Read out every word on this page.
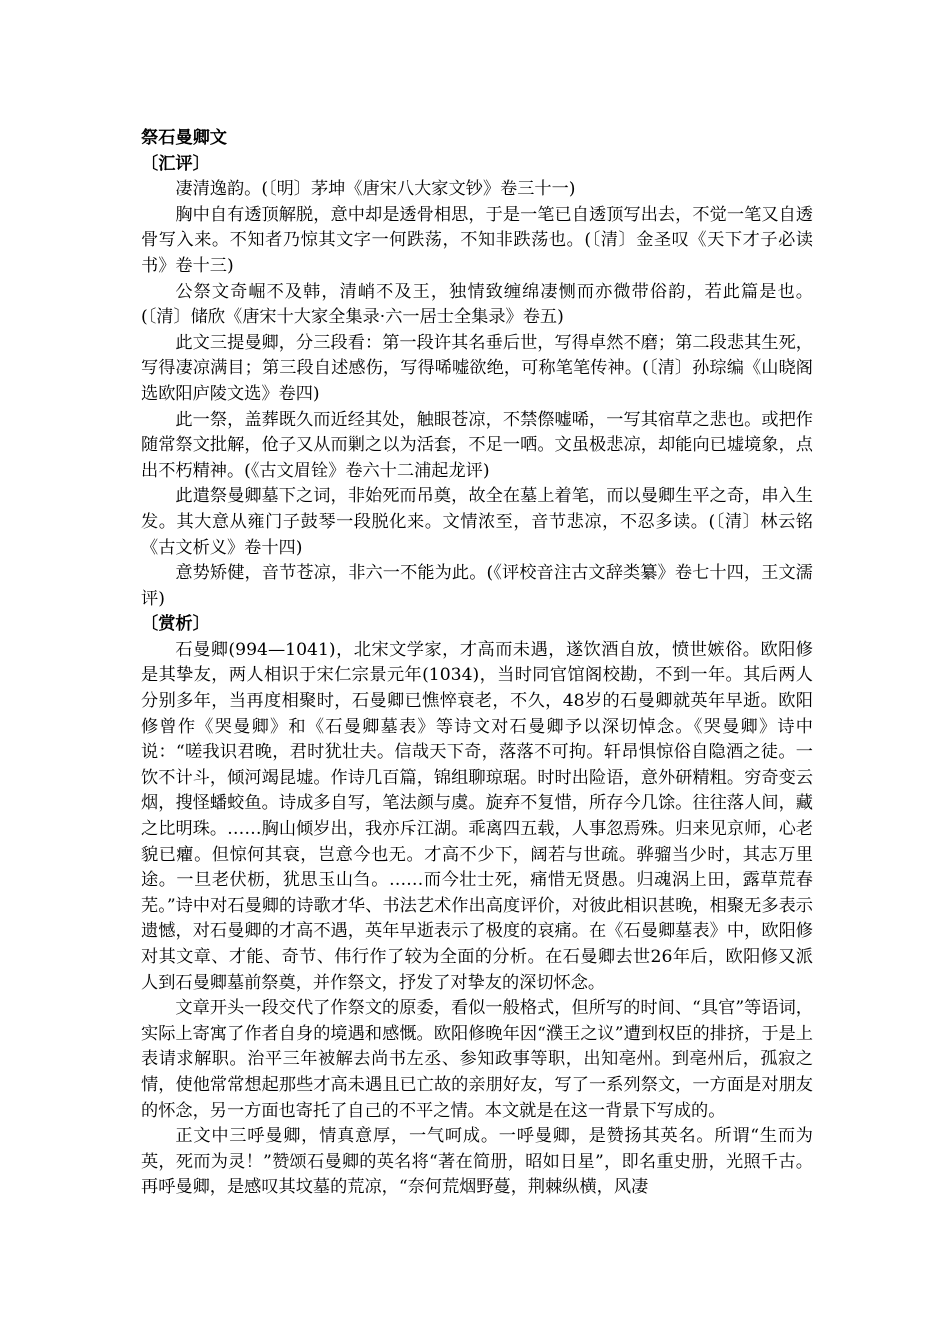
祭石曼卿文

〔汇评〕

凄清逸韵。(〔明〕茅坤《唐宋八大家文钞》卷三十一)

胸中自有透顶解脱，意中却是透骨相思，于是一笔已自透顶写出去，不觉一笔又自透骨写入来。不知者乃惊其文字一何跌荡，不知非跌荡也。(〔清〕金圣叹《天下才子必读书》卷十三)

公祭文奇崛不及韩，清峭不及王，独情致缠绵凄恻而亦微带俗韵，若此篇是也。(〔清〕储欣《唐宋十大家全集录·六一居士全集录》卷五)

此文三提曼卿，分三段看：第一段许其名垂后世，写得卓然不磨；第二段悲其生死，写得凄凉满目；第三段自述感伤，写得唏嘘欲绝，可称笔笔传神。(〔清〕孙琮编《山晓阁选欧阳庐陵文选》卷四)

此一祭，盖葬既久而近经其处，触眼苍凉，不禁傺嘘唏，一写其宿草之悲也。或把作随常祭文批解，伧子又从而剿之以为活套，不足一哂。文虽极悲凉，却能向已墟境象，点出不朽精神。(《古文眉铨》卷六十二浦起龙评)

此遣祭曼卿墓下之词，非始死而吊奠，故全在墓上着笔，而以曼卿生平之奇，串入生发。其大意从雍门子鼓琴一段脱化来。文情浓至，音节悲凉，不忍多读。(〔清〕林云铭《古文析义》卷十四)

意势矫健，音节苍凉，非六一不能为此。(《评校音注古文辞类纂》卷七十四，王文濡评)

〔赏析〕

石曼卿(994—1041)，北宋文学家，才高而未遇，遂饮酒自放，愤世嫉俗。欧阳修是其挚友，两人相识于宋仁宗景元年(1034)，当时同官馆阁校勘，不到一年。其后两人分别多年，当再度相聚时，石曼卿已憔悴衰老，不久，48岁的石曼卿就英年早逝。欧阳修曾作《哭曼卿》和《石曼卿墓表》等诗文对石曼卿予以深切悼念。《哭曼卿》诗中说：“嗟我识君晚，君时犹壮夫。信哉天下奇，落落不可拘。轩昂惧惊俗自隐酒之徒。一饮不计斗，倾河竭昆墟。作诗几百篇，锦组聊琼琚。时时出险语，意外研精粗。穷奇变云烟，搜怪蟠蛟鱼。诗成多自写，笔法颜与虞。旋弃不复惜，所存今几馀。往往落人间，藏之比明珠。……胸山倾岁出，我亦斥江湖。乖离四五载，人事忽焉殊。归来见京师，心老貌已癯。但惊何其衰，岂意今也无。才高不少下，阔若与世疏。骅骝当少时，其志万里途。一旦老伏枥，犹思玉山刍。……而今壮士死，痛惜无贤愚。归魂涡上田，露草荒春芜。”诗中对石曼卿的诗歌才华、书法艺术作出高度评价，对彼此相识甚晚，相聚无多表示遗憾，对石曼卿的才高不遇，英年早逝表示了极度的哀痛。在《石曼卿墓表》中，欧阳修对其文章、才能、奇节、伟行作了较为全面的分析。在石曼卿去世26年后，欧阳修又派人到石曼卿墓前祭奠，并作祭文，抒发了对挚友的深切怀念。

文章开头一段交代了作祭文的原委，看似一般格式，但所写的时间、“具官”等语词，实际上寄寓了作者自身的境遇和感慨。欧阳修晚年因“濮王之议”遭到权臣的排挤，于是上表请求解职。治平三年被解去尚书左丞、参知政事等职，出知亳州。到亳州后，孤寂之情，使他常常想起那些才高未遇且已亡故的亲朋好友，写了一系列祭文，一方面是对朋友的怀念，另一方面也寄托了自己的不平之情。本文就是在这一背景下写成的。

正文中三呼曼卿，情真意厚，一气呵成。一呼曼卿，是赞扬其英名。所谓“生而为英，死而为灵！”赞颂石曼卿的英名将“著在简册，昭如日星”，即名重史册，光照千古。再呼曼卿，是感叹其坟墓的荒凉，“奈何荒烟野蔓，荆棘纵横，风凄
